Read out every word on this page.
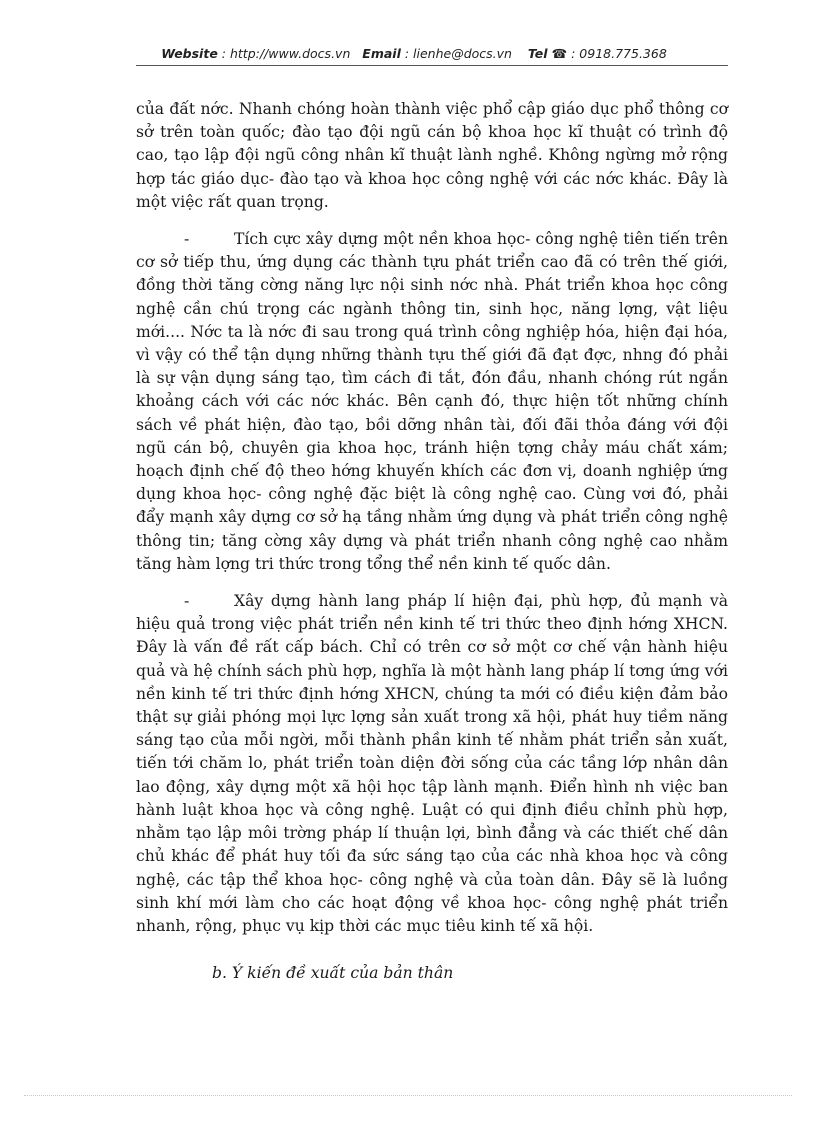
Website : http://www.docs.vn Email : lienhe@docs.vn Tel ☎ : 0918.775.368

của đất nớc. Nhanh chóng hoàn thành việc phổ cập giáo dục phổ thông cơ sở trên toàn quốc; đào tạo đội ngũ cán bộ khoa học kĩ thuật có trình độ cao, tạo lập đội ngũ công nhân kĩ thuật lành nghề. Không ngừng mở rộng hợp tác giáo dục- đào tạo và khoa học công nghệ với các nớc khác. Đây là một việc rất quan trọng.

-	Tích cực xây dựng một nền khoa học- công nghệ tiên tiến trên cơ sở tiếp thu, ứng dụng các thành tựu phát triển cao đã có trên thế giới, đồng thời tăng cờng năng lực nội sinh nớc nhà. Phát triển khoa học công nghệ cần chú trọng các ngành thông tin, sinh học, năng lợng, vật liệu mới.... Nớc ta là nớc đi sau trong quá trình công nghiệp hóa, hiện đại hóa, vì vậy có thể tận dụng những thành tựu thế giới đã đạt đợc, nhng đó phải là sự vận dụng sáng tạo, tìm cách đi tắt, đón đầu, nhanh chóng rút ngắn khoảng cách với các nớc khác. Bên cạnh đó, thực hiện tốt những chính sách về phát hiện, đào tạo, bồi dỡng nhân tài, đối đãi thỏa đáng với đội ngũ cán bộ, chuyên gia khoa học, tránh hiện tợng chảy máu chất xám; hoạch định chế độ theo hớng khuyến khích các đơn vị, doanh nghiệp ứng dụng khoa học- công nghệ đặc biệt là công nghệ cao. Cùng vơi đó, phải đẩy mạnh xây dựng cơ sở hạ tầng nhằm ứng dụng và phát triển công nghệ thông tin; tăng cờng xây dựng và phát triển nhanh công nghệ cao nhằm tăng hàm lợng tri thức trong tổng thể nền kinh tế quốc dân.

-	Xây dựng hành lang pháp lí hiện đại, phù hợp, đủ mạnh và hiệu quả trong việc phát triển nền kinh tế tri thức theo định hớng XHCN. Đây là vấn đề rất cấp bách. Chỉ có trên cơ sở một cơ chế vận hành hiệu quả và hệ chính sách phù hợp, nghĩa là một hành lang pháp lí tơng ứng với nền kinh tế tri thức định hớng XHCN, chúng ta mới có điều kiện đảm bảo thật sự giải phóng mọi lực lợng sản xuất trong xã hội, phát huy tiềm năng sáng tạo của mỗi ngời, mỗi thành phần kinh tế nhằm phát triển sản xuất, tiến tới chăm lo, phát triển toàn diện đời sống của các tầng lớp nhân dân lao động, xây dựng một xã hội học tập lành mạnh. Điển hình nh việc ban hành luật khoa học và công nghệ. Luật có qui định điều chỉnh phù hợp, nhằm tạo lập môi trờng pháp lí thuận lợi, bình đẳng và các thiết chế dân chủ khác để phát huy tối đa sức sáng tạo của các nhà khoa học và công nghệ, các tập thể khoa học- công nghệ và của toàn dân. Đây sẽ là luồng sinh khí mới làm cho các hoạt động về khoa học- công nghệ phát triển nhanh, rộng, phục vụ kịp thời các mục tiêu kinh tế xã hội.

b. Ý kiến đề xuất của bản thân
